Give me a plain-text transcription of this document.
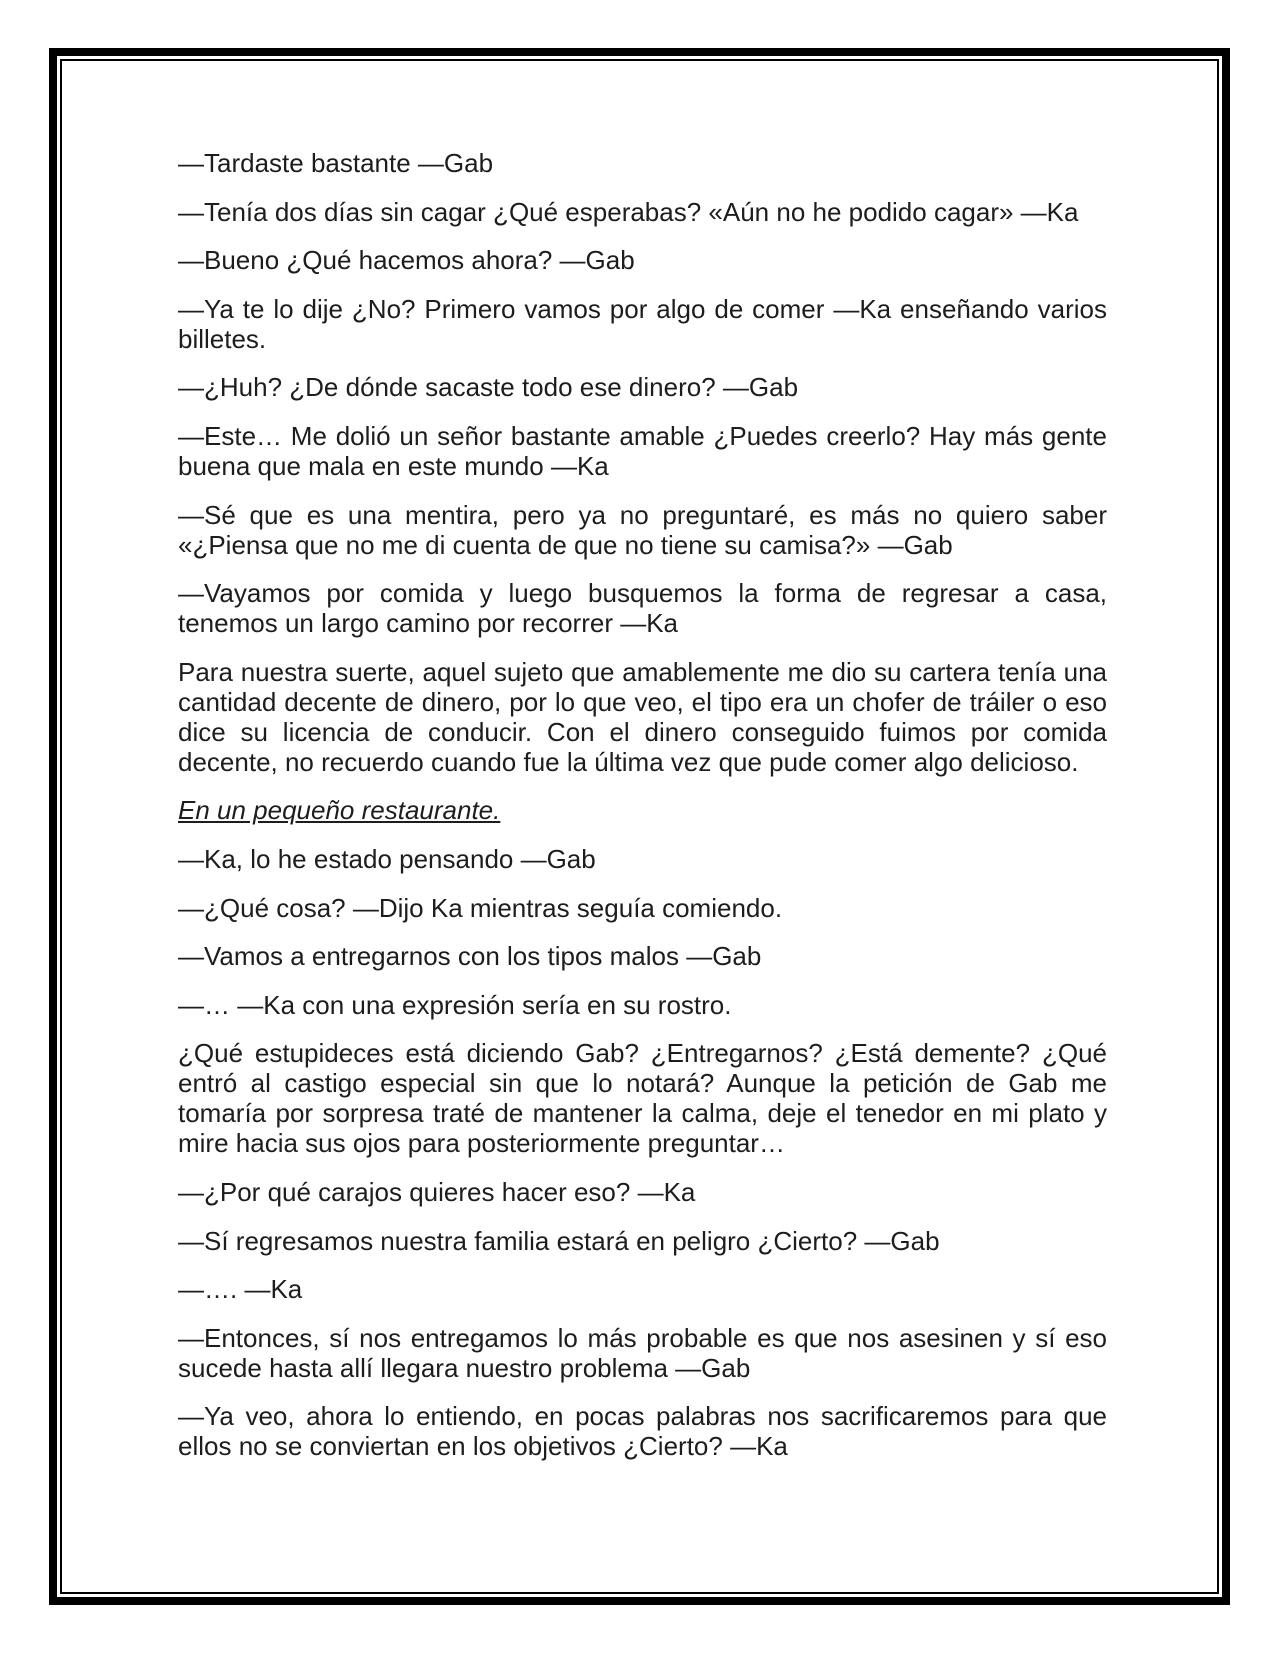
—Tardaste bastante —Gab

—Tenía dos días sin cagar ¿Qué esperabas? «Aún no he podido cagar» —Ka

—Bueno ¿Qué hacemos ahora? —Gab

—Ya te lo dije ¿No? Primero vamos por algo de comer —Ka enseñando varios billetes.

—¿Huh? ¿De dónde sacaste todo ese dinero? —Gab

—Este… Me dolió un señor bastante amable ¿Puedes creerlo? Hay más gente buena que mala en este mundo —Ka

—Sé que es una mentira, pero ya no preguntaré, es más no quiero saber «¿Piensa que no me di cuenta de que no tiene su camisa?» —Gab

—Vayamos por comida y luego busquemos la forma de regresar a casa, tenemos un largo camino por recorrer —Ka

Para nuestra suerte, aquel sujeto que amablemente me dio su cartera tenía una cantidad decente de dinero, por lo que veo, el tipo era un chofer de tráiler o eso dice su licencia de conducir. Con el dinero conseguido fuimos por comida decente, no recuerdo cuando fue la última vez que pude comer algo delicioso.

En un pequeño restaurante.

—Ka, lo he estado pensando —Gab

—¿Qué cosa? —Dijo Ka mientras seguía comiendo.

—Vamos a entregarnos con los tipos malos —Gab

—… —Ka con una expresión sería en su rostro.

¿Qué estupideces está diciendo Gab? ¿Entregarnos? ¿Está demente? ¿Qué entró al castigo especial sin que lo notará? Aunque la petición de Gab me tomaría por sorpresa traté de mantener la calma, deje el tenedor en mi plato y mire hacia sus ojos para posteriormente preguntar…

—¿Por qué carajos quieres hacer eso? —Ka

—Sí regresamos nuestra familia estará en peligro ¿Cierto? —Gab

—…. —Ka

—Entonces, sí nos entregamos lo más probable es que nos asesinen y sí eso sucede hasta allí llegara nuestro problema —Gab

—Ya veo, ahora lo entiendo, en pocas palabras nos sacrificaremos para que ellos no se conviertan en los objetivos ¿Cierto? —Ka
